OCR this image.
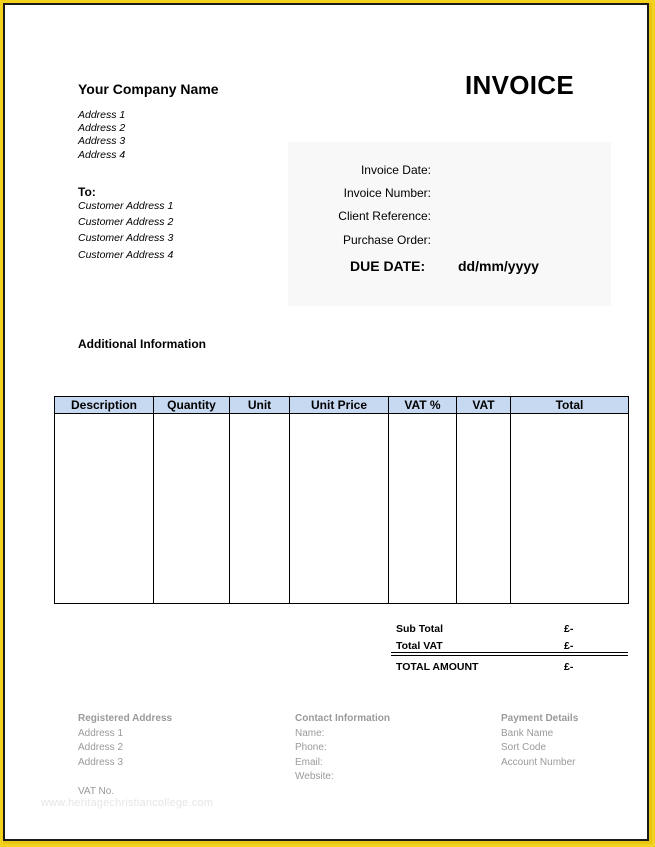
Your Company Name	INVOICE
Address 1
Address 2
Address 3
Address 4
To:
Customer Address 1
Customer Address 2
Customer Address 3
Customer Address 4
Invoice Date:
Invoice Number:
Client Reference:
Purchase Order:
DUE DATE: dd/mm/yyyy
Additional Information
Description	Quantity	Unit	Unit Price	VAT %	VAT	Total

Sub Total	£-
Total VAT	£-
TOTAL AMOUNT	£-
Registered Address
Address 1
Address 2
Address 3
VAT No.
Contact Information
Name:
Phone:
Email:
Website:
Payment Details
Bank Name
Sort Code
Account Number
www.heritagechristiancollege.com
